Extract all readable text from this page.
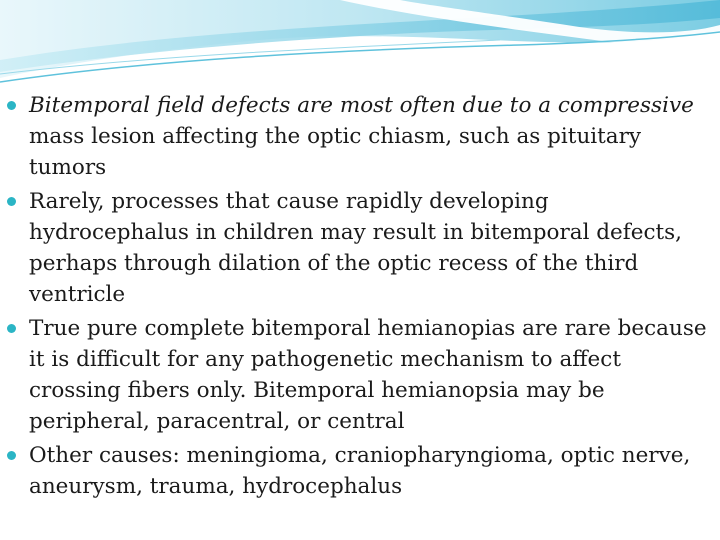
Bitemporal field defects are most often due to a compressive mass lesion affecting the optic chiasm, such as pituitary tumors
Rarely, processes that cause rapidly developing hydrocephalus in children may result in bitemporal defects, perhaps through dilation of the optic recess of the third ventricle
True pure complete bitemporal hemianopias are rare because it is difficult for any pathogenetic mechanism to affect crossing fibers only. Bitemporal hemianopsia may be peripheral, paracentral, or central
Other causes: meningioma, craniopharyngioma, optic nerve, aneurysm, trauma, hydrocephalus
